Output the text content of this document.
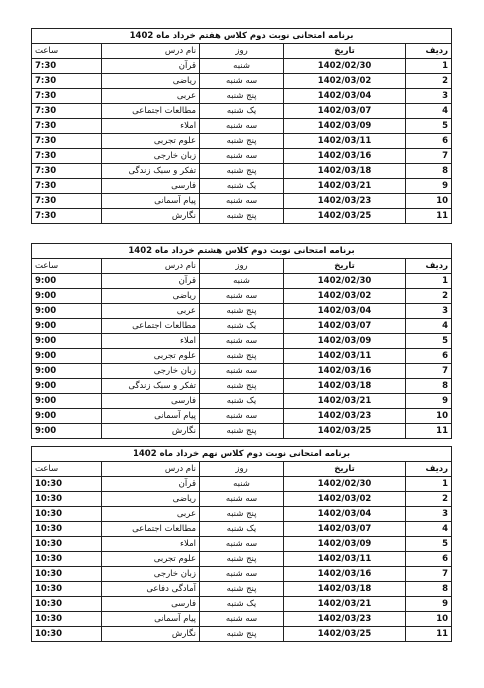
برنامه امتحانی نوبت دوم کلاس هفتم خرداد ماه 1402				
ردیف	تاریخ	روز	نام درس	ساعت
1	1402/02/30	شنبه	قرآن	7:30
2	1402/03/02	سه شنبه	ریاضی	7:30
3	1402/03/04	پنج شنبه	عربی	7:30
4	1402/03/07	یک شنبه	مطالعات اجتماعی	7:30
5	1402/03/09	سه شنبه	املاء	7:30
6	1402/03/11	پنج شنبه	علوم تجربی	7:30
7	1402/03/16	سه شنبه	زبان خارجی	7:30
8	1402/03/18	پنج شنبه	تفکر و سبک زندگی	7:30
9	1402/03/21	یک شنبه	فارسی	7:30
10	1402/03/23	سه شنبه	پیام آسمانی	7:30
11	1402/03/25	پنج شنبه	نگارش	7:30
برنامه امتحانی نوبت دوم کلاس هشتم خرداد ماه 1402				
ردیف	تاریخ	روز	نام درس	ساعت
1	1402/02/30	شنبه	قرآن	9:00
2	1402/03/02	سه شنبه	ریاضی	9:00
3	1402/03/04	پنج شنبه	عربی	9:00
4	1402/03/07	یک شنبه	مطالعات اجتماعی	9:00
5	1402/03/09	سه شنبه	املاء	9:00
6	1402/03/11	پنج شنبه	علوم تجربی	9:00
7	1402/03/16	سه شنبه	زبان خارجی	9:00
8	1402/03/18	پنج شنبه	تفکر و سبک زندگی	9:00
9	1402/03/21	یک شنبه	فارسی	9:00
10	1402/03/23	سه شنبه	پیام آسمانی	9:00
11	1402/03/25	پنج شنبه	نگارش	9:00
برنامه امتحانی نوبت دوم کلاس نهم خرداد ماه 1402				
ردیف	تاریخ	روز	نام درس	ساعت
1	1402/02/30	شنبه	قرآن	10:30
2	1402/03/02	سه شنبه	ریاضی	10:30
3	1402/03/04	پنج شنبه	عربی	10:30
4	1402/03/07	یک شنبه	مطالعات اجتماعی	10:30
5	1402/03/09	سه شنبه	املاء	10:30
6	1402/03/11	پنج شنبه	علوم تجربی	10:30
7	1402/03/16	سه شنبه	زبان خارجی	10:30
8	1402/03/18	پنج شنبه	آمادگی دفاعی	10:30
9	1402/03/21	یک شنبه	فارسی	10:30
10	1402/03/23	سه شنبه	پیام آسمانی	10:30
11	1402/03/25	پنج شنبه	نگارش	10:30
